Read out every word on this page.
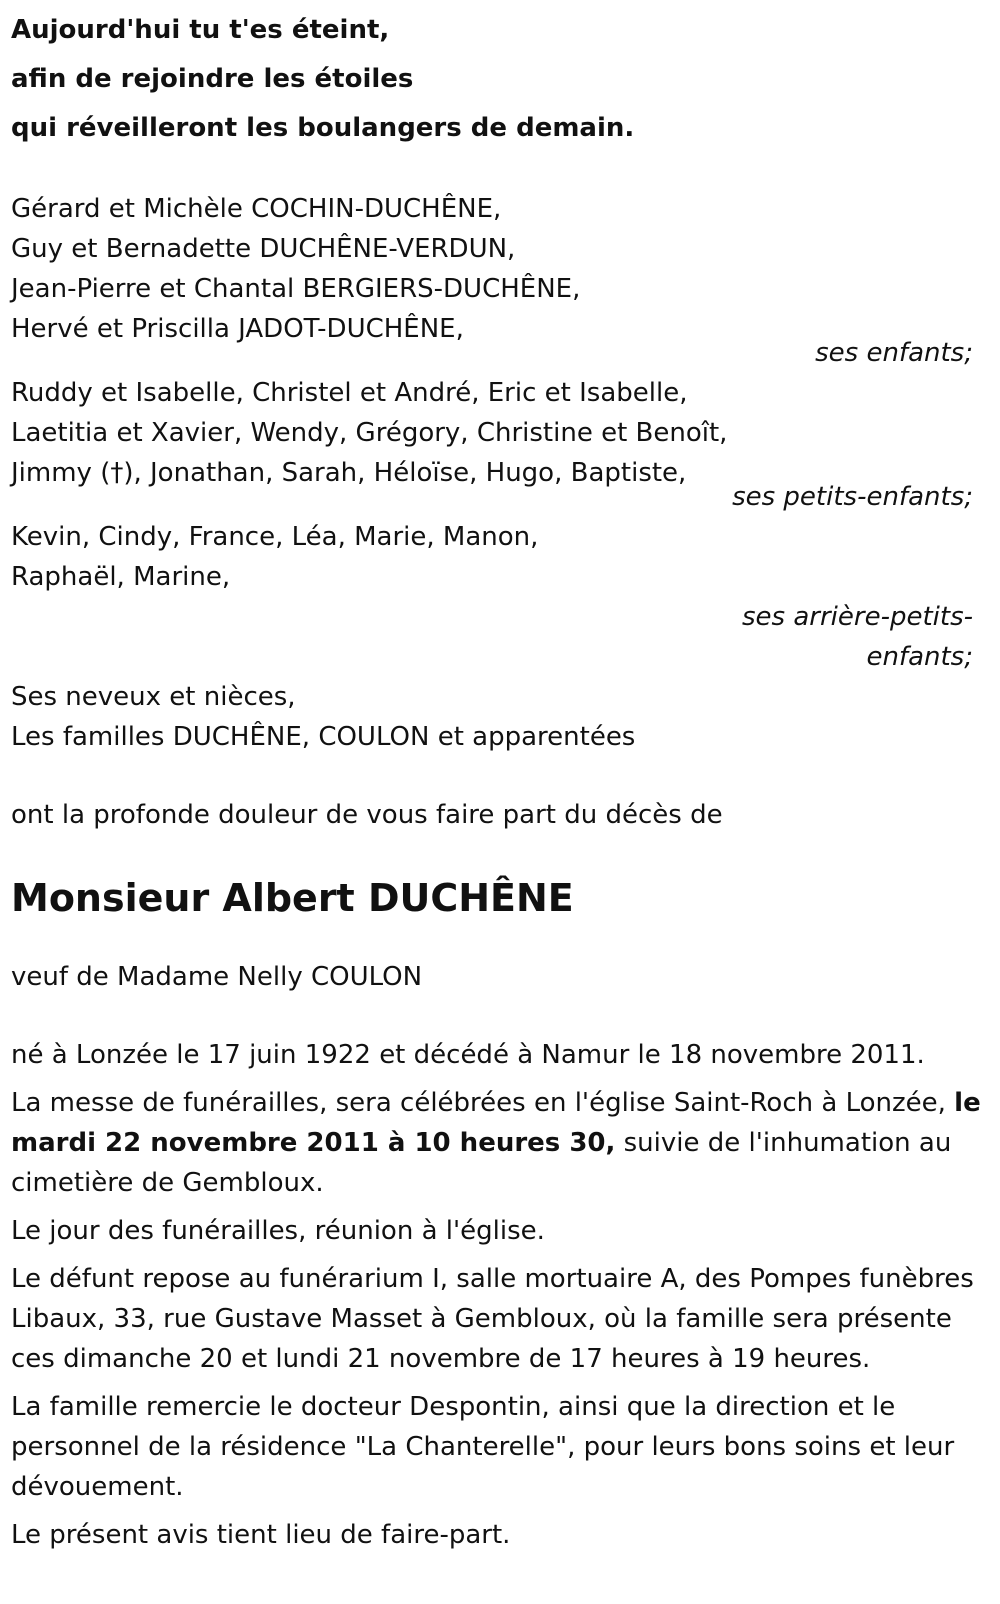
Aujourd'hui tu t'es éteint,

afin de rejoindre les étoiles

qui réveilleront les boulangers de demain.

Gérard et Michèle COCHIN-DUCHÊNE,
Guy et Bernadette DUCHÊNE-VERDUN,
Jean-Pierre et Chantal BERGIERS-DUCHÊNE,
Hervé et Priscilla JADOT-DUCHÊNE,
ses enfants;
Ruddy et Isabelle, Christel et André, Eric et Isabelle,
Laetitia et Xavier, Wendy, Grégory, Christine et Benoît,
Jimmy (†), Jonathan, Sarah, Héloïse, Hugo, Baptiste,
ses petits-enfants;
Kevin, Cindy, France, Léa, Marie, Manon,
Raphaël, Marine,
ses arrière-petits-
enfants;
Ses neveux et nièces,
Les familles DUCHÊNE, COULON et apparentées

ont la profonde douleur de vous faire part du décès de

Monsieur Albert DUCHÊNE

veuf de Madame Nelly COULON

né à Lonzée le 17 juin 1922 et décédé à Namur le 18 novembre 2011.

La messe de funérailles, sera célébrées en l'église Saint-Roch à Lonzée, le mardi 22 novembre 2011 à 10 heures 30, suivie de l'inhumation au cimetière de Gembloux.

Le jour des funérailles, réunion à l'église.

Le défunt repose au funérarium I, salle mortuaire A, des Pompes funèbres Libaux, 33, rue Gustave Masset à Gembloux, où la famille sera présente ces dimanche 20 et lundi 21 novembre de 17 heures à 19 heures.

La famille remercie le docteur Despontin, ainsi que la direction et le personnel de la résidence "La Chanterelle", pour leurs bons soins et leur dévouement.

Le présent avis tient lieu de faire-part.
